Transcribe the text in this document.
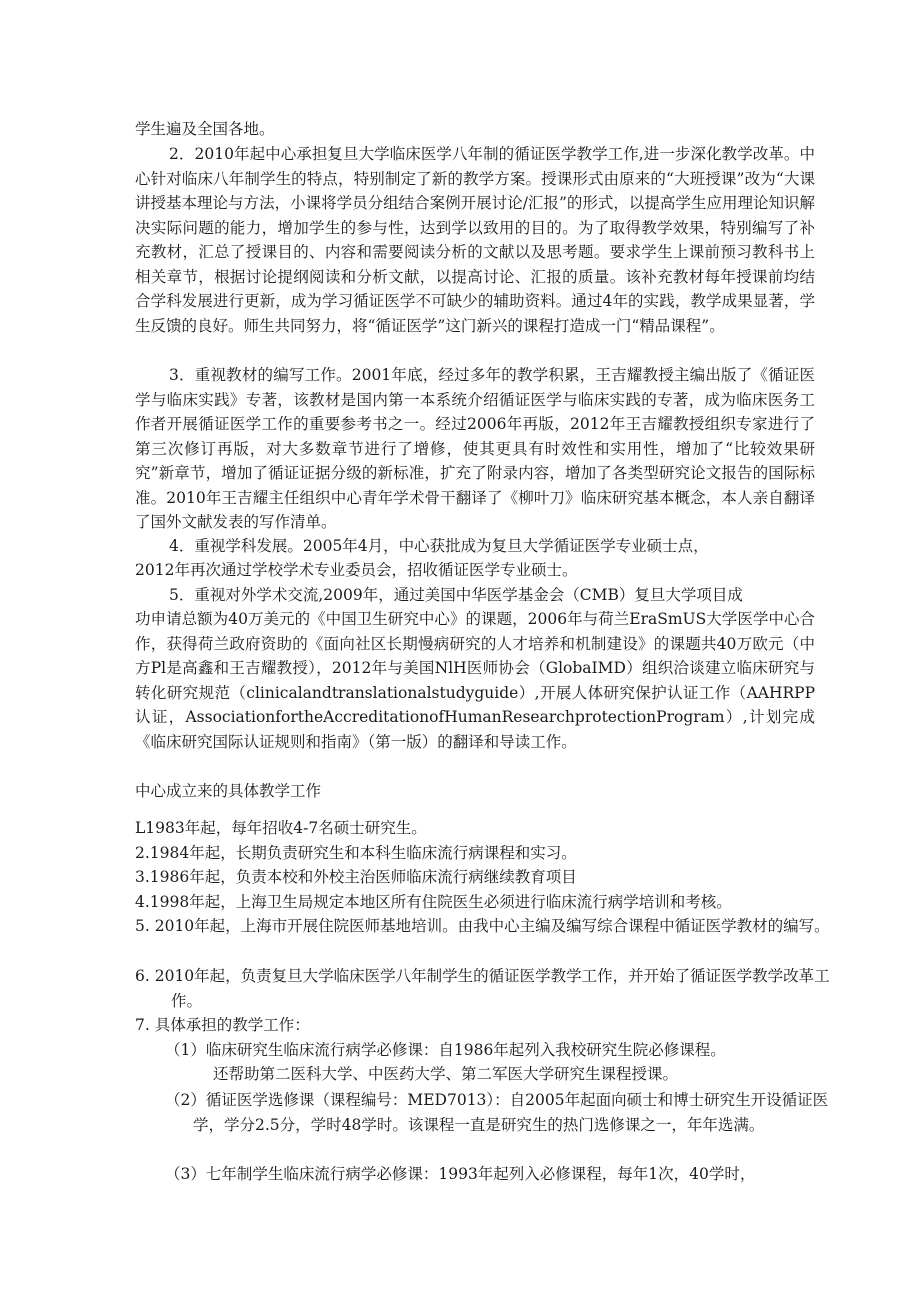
学生遍及全国各地。

2．2010年起中心承担复旦大学临床医学八年制的循证医学教学工作,进一步深化教学改革。中心针对临床八年制学生的特点，特别制定了新的教学方案。授课形式由原来的“大班授课”改为“大课讲授基本理论与方法，小课将学员分组结合案例开展讨论/汇报”的形式，以提高学生应用理论知识解决实际问题的能力，增加学生的参与性，达到学以致用的目的。为了取得教学效果，特别编写了补充教材，汇总了授课目的、内容和需要阅读分析的文献以及思考题。要求学生上课前预习教科书上相关章节，根据讨论提纲阅读和分析文献，以提高讨论、汇报的质量。该补充教材每年授课前均结合学科发展进行更新，成为学习循证医学不可缺少的辅助资料。通过4年的实践，教学成果显著，学生反馈的良好。师生共同努力，将“循证医学”这门新兴的课程打造成一门“精品课程”。

3．重视教材的编写工作。2001年底，经过多年的教学积累，王吉耀教授主编出版了《循证医学与临床实践》专著，该教材是国内第一本系统介绍循证医学与临床实践的专著，成为临床医务工作者开展循证医学工作的重要参考书之一。经过2006年再版，2012年王吉耀教授组织专家进行了第三次修订再版，对大多数章节进行了增修，使其更具有时效性和实用性，增加了“比较效果研究”新章节，增加了循证证据分级的新标准，扩充了附录内容，增加了各类型研究论文报告的国际标准。2010年王吉耀主任组织中心青年学术骨干翻译了《柳叶刀》临床研究基本概念，本人亲自翻译了国外文献发表的写作清单。

4．重视学科发展。2005年4月，中心获批成为复旦大学循证医学专业硕士点，

2012年再次通过学校学术专业委员会，招收循证医学专业硕士。

5．重视对外学术交流,2009年，通过美国中华医学基金会（CMB）复旦大学项目成

功申请总额为40万美元的《中国卫生研究中心》的课题，2006年与荷兰EraSmUS大学医学中心合作，获得荷兰政府资助的《面向社区长期慢病研究的人才培养和机制建设》的课题共40万欧元（中方Pl是高鑫和王吉耀教授），2012年与美国NlH医师协会（GlobaIMD）组织洽谈建立临床研究与转化研究规范（clinicalandtranslationalstudyguide）,开展人体研究保护认证工作（AAHRPP认证，AssociationfortheAccreditationofHumanResearchprotectionProgram）,计划完成《临床研究国际认证规则和指南》（第一版）的翻译和导读工作。

中心成立来的具体教学工作

L1983年起，每年招收4-7名硕士研究生。

2.1984年起，长期负责研究生和本科生临床流行病课程和实习。

3.1986年起，负责本校和外校主治医师临床流行病继续教育项目

4.1998年起，上海卫生局规定本地区所有住院医生必须进行临床流行病学培训和考核。

5. 2010年起，上海市开展住院医师基地培训。由我中心主编及编写综合课程中循证医学教材的编写。

6. 2010年起，负责复旦大学临床医学八年制学生的循证医学教学工作，并开始了循证医学教学改革工作。

7. 具体承担的教学工作：

（1）临床研究生临床流行病学必修课：自1986年起列入我校研究生院必修课程。

还帮助第二医科大学、中医药大学、第二军医大学研究生课程授课。

（2）循证医学选修课（课程编号：MED7013）：自2005年起面向硕士和博士研究生开设循证医学，学分2.5分，学时48学时。该课程一直是研究生的热门选修课之一，年年选满。

（3）七年制学生临床流行病学必修课：1993年起列入必修课程，每年1次，40学时，
